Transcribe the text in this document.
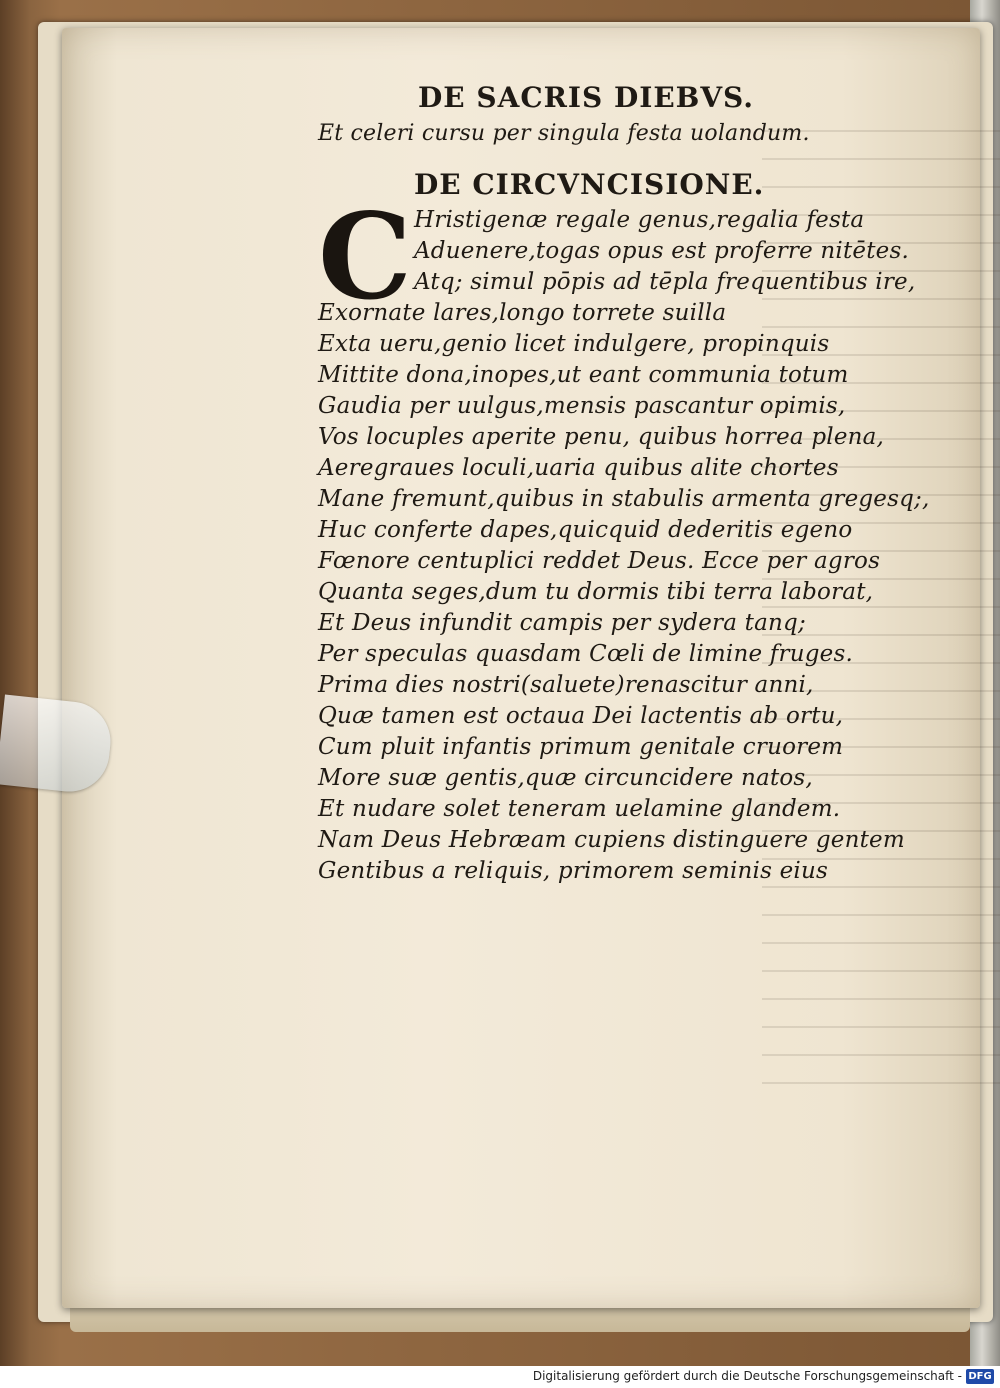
DE SACRIS DIEBVS.
Et celeri cursu per singula festa uolandum.
DE CIRCVNCISIONE.
C Hristigenæ regale genus,regalia festa
Aduenere,togas opus est proferre nitētes.
Atq; simul pōpis ad tēpla frequentibus ire,
Exornate lares,longo torrete suilla
Exta ueru,genio licet indulgere, propinquis
Mittite dona,inopes,ut eant communia totum
Gaudia per uulgus,mensis pascantur opimis,
Vos locuples aperite penu, quibus horrea plena,
Aeregraues loculi,uaria quibus alite chortes
Mane fremunt,quibus in stabulis armenta gregesq;,
Huc conferte dapes,quicquid dederitis egeno
Fœnore centuplici reddet Deus. Ecce per agros
Quanta seges,dum tu dormis tibi terra laborat,
Et Deus infundit campis per sydera tanq;
Per speculas quasdam Cœli de limine fruges.
Prima dies nostri(saluete)renascitur anni,
Quæ tamen est octaua Dei lactentis ab ortu,
Cum pluit infantis primum genitale cruorem
More suæ gentis,quæ circuncidere natos,
Et nudare solet teneram uelamine glandem.
Nam Deus Hebræam cupiens distinguere gentem
Gentibus a reliquis, primorem seminis eius
Digitalisierung gefördert durch die Deutsche Forschungsgemeinschaft - DFG
